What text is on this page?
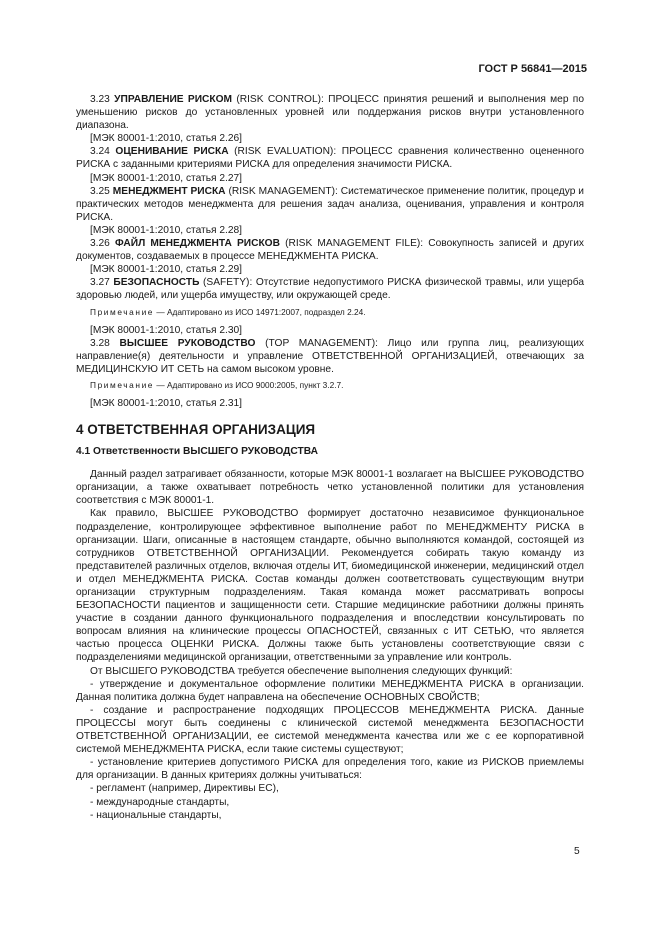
ГОСТ Р 56841—2015

3.23 УПРАВЛЕНИЕ РИСКОМ (RISK CONTROL): ПРОЦЕСС принятия решений и выполнения мер по уменьшению рисков до установленных уровней или поддержания рисков внутри установленного диапазона.

[МЭК 80001-1:2010, статья 2.26]

3.24 ОЦЕНИВАНИЕ РИСКА (RISK EVALUATION): ПРОЦЕСС сравнения количественно оцененного РИСКА с заданными критериями РИСКА для определения значимости РИСКА.

[МЭК 80001-1:2010, статья 2.27]

3.25 МЕНЕДЖМЕНТ РИСКА (RISK MANAGEMENT): Систематическое применение политик, процедур и практических методов менеджмента для решения задач анализа, оценивания, управления и контроля РИСКА.

[МЭК 80001-1:2010, статья 2.28]

3.26 ФАЙЛ МЕНЕДЖМЕНТА РИСКОВ (RISK MANAGEMENT FILE): Совокупность записей и других документов, создаваемых в процессе МЕНЕДЖМЕНТА РИСКА.

[МЭК 80001-1:2010, статья 2.29]

3.27 БЕЗОПАСНОСТЬ (SAFETY): Отсутствие недопустимого РИСКА физической травмы, или ущерба здоровью людей, или ущерба имуществу, или окружающей среде.

Примечание — Адаптировано из ИСО 14971:2007, подраздел 2.24.

[МЭК 80001-1:2010, статья 2.30]

3.28 ВЫСШЕЕ РУКОВОДСТВО (TOP MANAGEMENT): Лицо или группа лиц, реализующих направление(я) деятельности и управление ОТВЕТСТВЕННОЙ ОРГАНИЗАЦИЕЙ, отвечающих за МЕДИЦИНСКУЮ ИТ СЕТЬ на самом высоком уровне.

Примечание — Адаптировано из ИСО 9000:2005, пункт 3.2.7.

[МЭК 80001-1:2010, статья 2.31]

4 ОТВЕТСТВЕННАЯ ОРГАНИЗАЦИЯ
4.1 Ответственности ВЫСШЕГО РУКОВОДСТВА

Данный раздел затрагивает обязанности, которые МЭК 80001-1 возлагает на ВЫСШЕЕ РУКОВОДСТВО организации, а также охватывает потребность четко установленной политики для установления соответствия с МЭК 80001-1.

Как правило, ВЫСШЕЕ РУКОВОДСТВО формирует достаточно независимое функциональное подразделение, контролирующее эффективное выполнение работ по МЕНЕДЖМЕНТУ РИСКА в организации. Шаги, описанные в настоящем стандарте, обычно выполняются командой, состоящей из сотрудников ОТВЕТСТВЕННОЙ ОРГАНИЗАЦИИ. Рекомендуется собирать такую команду из представителей различных отделов, включая отделы ИТ, биомедицинской инженерии, медицинский отдел и отдел МЕНЕДЖМЕНТА РИСКА. Состав команды должен соответствовать существующим внутри организации структурным подразделениям. Такая команда может рассматривать вопросы БЕЗОПАСНОСТИ пациентов и защищенности сети. Старшие медицинские работники должны принять участие в создании данного функционального подразделения и впоследствии консультировать по вопросам влияния на клинические процессы ОПАСНОСТЕЙ, связанных с ИТ СЕТЬЮ, что является частью процесса ОЦЕНКИ РИСКА. Должны также быть установлены соответствующие связи с подразделениями медицинской организации, ответственными за управление или контроль.

От ВЫСШЕГО РУКОВОДСТВА требуется обеспечение выполнения следующих функций:

- утверждение и документальное оформление политики МЕНЕДЖМЕНТА РИСКА в организации. Данная политика должна будет направлена на обеспечение ОСНОВНЫХ СВОЙСТВ;

- создание и распространение подходящих ПРОЦЕССОВ МЕНЕДЖМЕНТА РИСКА. Данные ПРОЦЕССЫ могут быть соединены с клинической системой менеджмента БЕЗОПАСНОСТИ ОТВЕТСТВЕННОЙ ОРГАНИЗАЦИИ, ее системой менеджмента качества или же с ее корпоративной системой МЕНЕДЖМЕНТА РИСКА, если такие системы существуют;

- установление критериев допустимого РИСКА для определения того, какие из РИСКОВ приемлемы для организации. В данных критериях должны учитываться:

- регламент (например, Директивы ЕС),

- международные стандарты,

- национальные стандарты,

5
